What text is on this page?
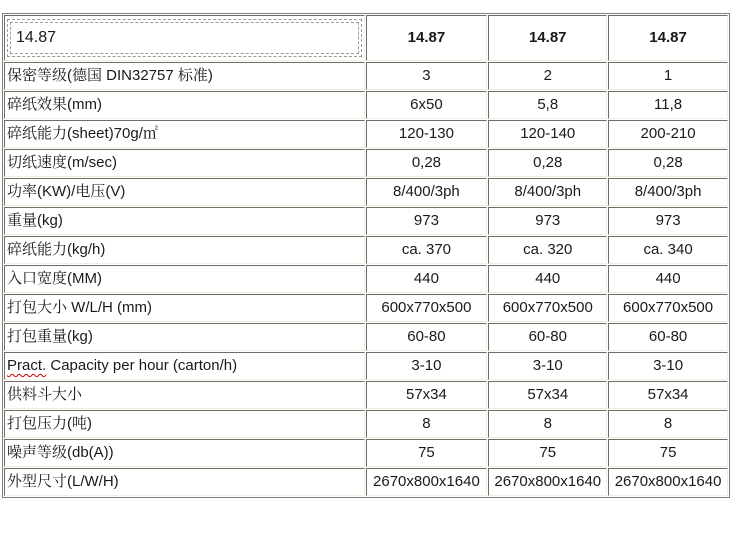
14.87	14.87	14.87	14.87
保密等级(德国 DIN32757 标准)	3	2	1
碎纸效果(mm)	6x50	5,8	11,8
碎纸能力(sheet)70g/㎡	120-130	120-140	200-210
切纸速度(m/sec)	0,28	0,28	0,28
功率(KW)/电压(V)	8/400/3ph	8/400/3ph	8/400/3ph
重量(kg)	973	973	973
碎纸能力(kg/h)	ca. 370	ca. 320	ca. 340
入口宽度(MM)	440	440	440
打包大小 W/L/H (mm)	600x770x500	600x770x500	600x770x500
打包重量(kg)	60-80	60-80	60-80
Pract. Capacity per hour (carton/h)	3-10	3-10	3-10
供料斗大小	57x34	57x34	57x34
打包压力(吨)	8	8	8
噪声等级(db(A))	75	75	75
外型尺寸(L/W/H)	2670x800x1640	2670x800x1640	2670x800x1640
